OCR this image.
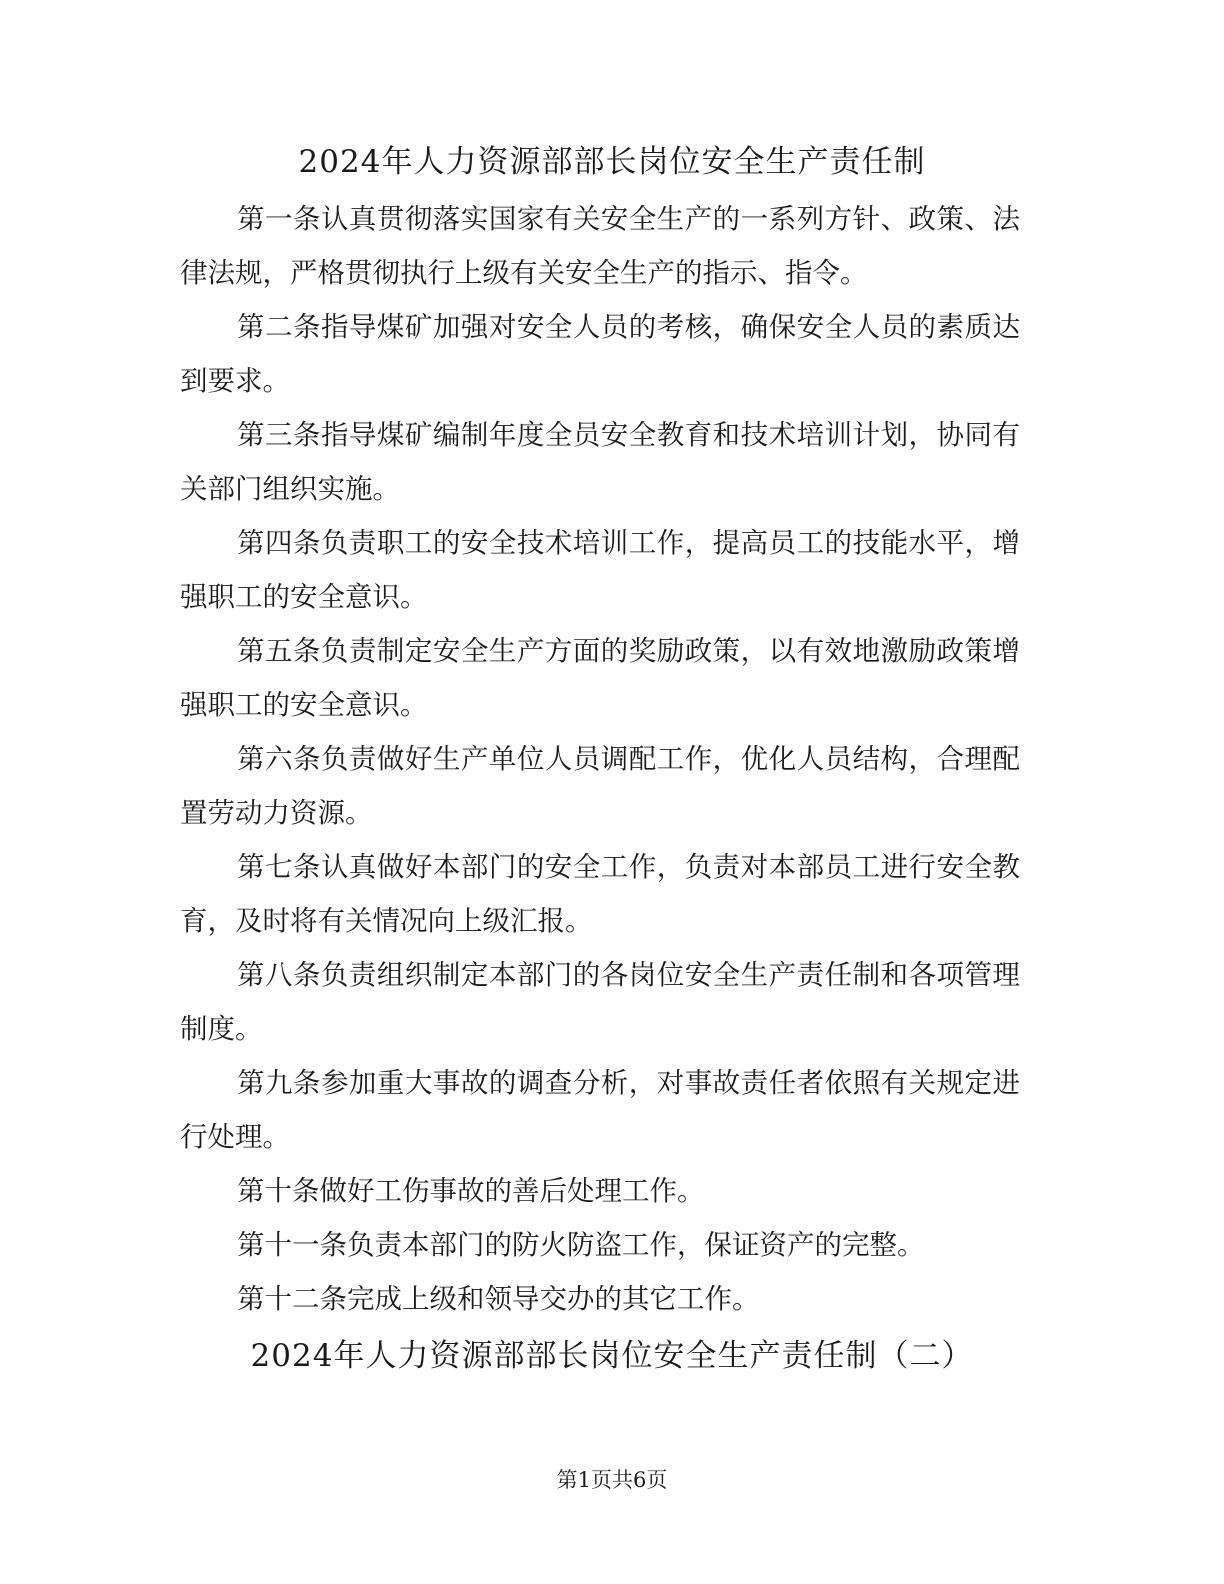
2024年人力资源部部长岗位安全生产责任制

第一条认真贯彻落实国家有关安全生产的一系列方针、政策、法律法规，严格贯彻执行上级有关安全生产的指示、指令。

第二条指导煤矿加强对安全人员的考核，确保安全人员的素质达到要求。

第三条指导煤矿编制年度全员安全教育和技术培训计划，协同有关部门组织实施。

第四条负责职工的安全技术培训工作，提高员工的技能水平，增强职工的安全意识。

第五条负责制定安全生产方面的奖励政策，以有效地激励政策增强职工的安全意识。

第六条负责做好生产单位人员调配工作，优化人员结构，合理配置劳动力资源。

第七条认真做好本部门的安全工作，负责对本部员工进行安全教育，及时将有关情况向上级汇报。

第八条负责组织制定本部门的各岗位安全生产责任制和各项管理制度。

第九条参加重大事故的调查分析，对事故责任者依照有关规定进行处理。

第十条做好工伤事故的善后处理工作。

第十一条负责本部门的防火防盗工作，保证资产的完整。

第十二条完成上级和领导交办的其它工作。

2024年人力资源部部长岗位安全生产责任制（二）
第1页共6页
